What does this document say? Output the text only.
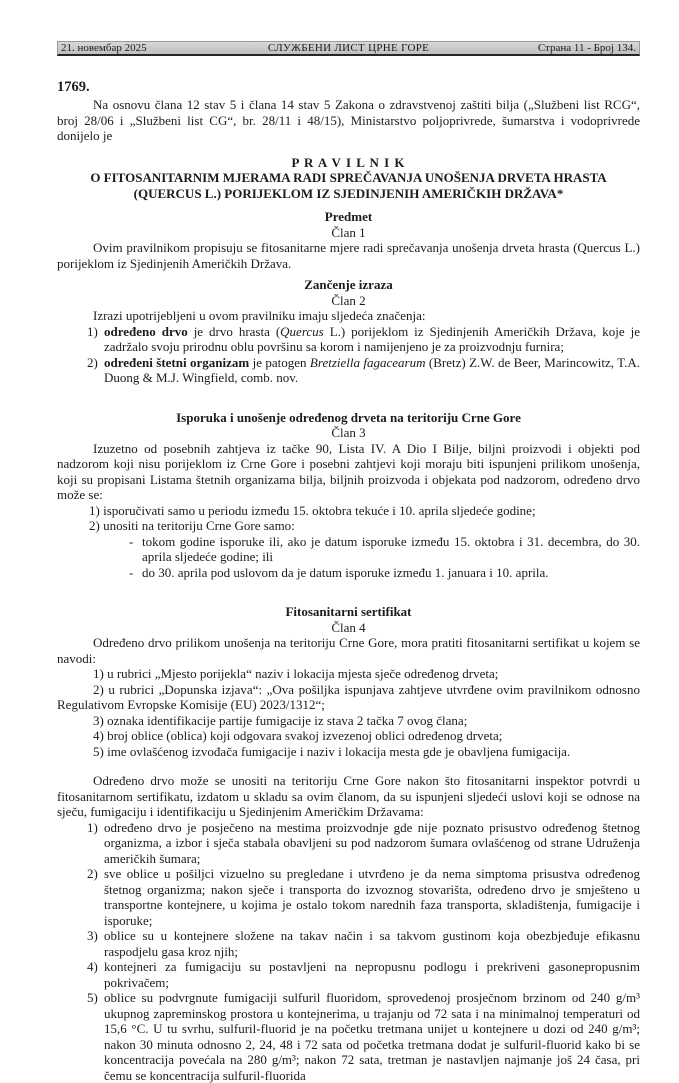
21. новембар 2025	СЛУЖБЕНИ ЛИСТ ЦРНЕ ГОРЕ	Страна 11 - Број 134.
1769.

Na osnovu člana 12 stav 5 i člana 14 stav 5 Zakona o zdravstvenoj zaštiti bilja („Službeni list RCG“, broj 28/06 i „Službeni list CG“, br. 28/11 i 48/15), Ministarstvo poljoprivrede, šumarstva i vodoprivrede donijelo je

P R A V I L N I K
O FITOSANITARNIM MJERAMA RADI SPREČAVANJA UNOŠENJA DRVETA HRASTA
(QUERCUS L.) PORIJEKLOM IZ SJEDINJENIH AMERIČKIH DRŽAVA*
Predmet
Član 1

Ovim pravilnikom propisuju se fitosanitarne mjere radi sprečavanja unošenja drveta hrasta (Quercus L.) porijeklom iz Sjedinjenih Američkih Država.

Zančenje izraza
Član 2

Izrazi upotrijebljeni u ovom pravilniku imaju sljedeća značenja:

1) određeno drvo je drvo hrasta (Quercus L.) porijeklom iz Sjedinjenih Američkih Država, koje je zadržalo svoju prirodnu oblu površinu sa korom i namijenjeno je za proizvodnju furnira;
2) određeni štetni organizam je patogen Bretziella fagacearum (Bretz) Z.W. de Beer, Marincowitz, T.A. Duong & M.J. Wingfield, comb. nov.
Isporuka i unošenje određenog drveta na teritoriju Crne Gore
Član 3

Izuzetno od posebnih zahtjeva iz tačke 90, Lista IV. A Dio I Bilje, biljni proizvodi i objekti pod nadzorom koji nisu porijeklom iz Crne Gore i posebni zahtjevi koji moraju biti ispunjeni prilikom unošenja, koji su propisani Listama štetnih organizama bilja, biljnih proizvoda i objekata pod nadzorom, određeno drvo može se:

1) isporučivati samo u periodu između 15. oktobra tekuće i 10. aprila sljedeće godine;

2) unositi na teritoriju Crne Gore samo:

- tokom godine isporuke ili, ako je datum isporuke između 15. oktobra i 31. decembra, do 30. aprila sljedeće godine; ili
- do 30. aprila pod uslovom da je datum isporuke između 1. januara i 10. aprila.
Fitosanitarni sertifikat
Član 4

Određeno drvo prilikom unošenja na teritoriju Crne Gore, mora pratiti fitosanitarni sertifikat u kojem se navodi:

1) u rubrici „Mjesto porijekla“ naziv i lokacija mjesta sječe određenog drveta;

2) u rubrici „Dopunska izjava“: „Ova pošiljka ispunjava zahtjeve utvrđene ovim pravilnikom odnosno Regulativom Evropske Komisije (EU) 2023/1312“;

3) oznaka identifikacije partije fumigacije iz stava 2 tačka 7 ovog člana;

4) broj oblice (oblica) koji odgovara svakoj izvezenoj oblici određenog drveta;

5) ime ovlašćenog izvođača fumigacije i naziv i lokacija mesta gde je obavljena fumigacija.

Određeno drvo može se unositi na teritoriju Crne Gore nakon što fitosanitarni inspektor potvrdi u fitosanitarnom sertifikatu, izdatom u skladu sa ovim članom, da su ispunjeni sljedeći uslovi koji se odnose na sječu, fumigaciju i identifikaciju u Sjedinjenim Američkim Državama:

1) određeno drvo je posječeno na mestima proizvodnje gde nije poznato prisustvo određenog štetnog organizma, a izbor i sječa stabala obavljeni su pod nadzorom šumara ovlašćenog od strane Udruženja američkih šumara;
2) sve oblice u pošiljci vizuelno su pregledane i utvrđeno je da nema simptoma prisustva određenog štetnog organizma; nakon sječe i transporta do izvoznog stovarišta, određeno drvo je smješteno u transportne kontejnere, u kojima je ostalo tokom narednih faza transporta, skladištenja, fumigacije i isporuke;
3) oblice su u kontejnere složene na takav način i sa takvom gustinom koja obezbjeđuje efikasnu raspodjelu gasa kroz njih;
4) kontejneri za fumigaciju su postavljeni na nepropusnu podlogu i prekriveni gasonepropusnim pokrivačem;
5) oblice su podvrgnute fumigaciji sulfuril fluoridom, sprovedenoj prosječnom brzinom od 240 g/m³ ukupnog zapreminskog prostora u kontejnerima, u trajanju od 72 sata i na minimalnoj temperaturi od 15,6 °C. U tu svrhu, sulfuril-fluorid je na početku tretmana unijet u kontejnere u dozi od 240 g/m³; nakon 30 minuta odnosno 2, 24, 48 i 72 sata od početka tretmana dodat je sulfuril-fluorid kako bi se koncentracija povećala na 280 g/m³; nakon 72 sata, tretman je nastavljen najmanje još 24 časa, pri čemu se koncentracija sulfuril-fluorida
